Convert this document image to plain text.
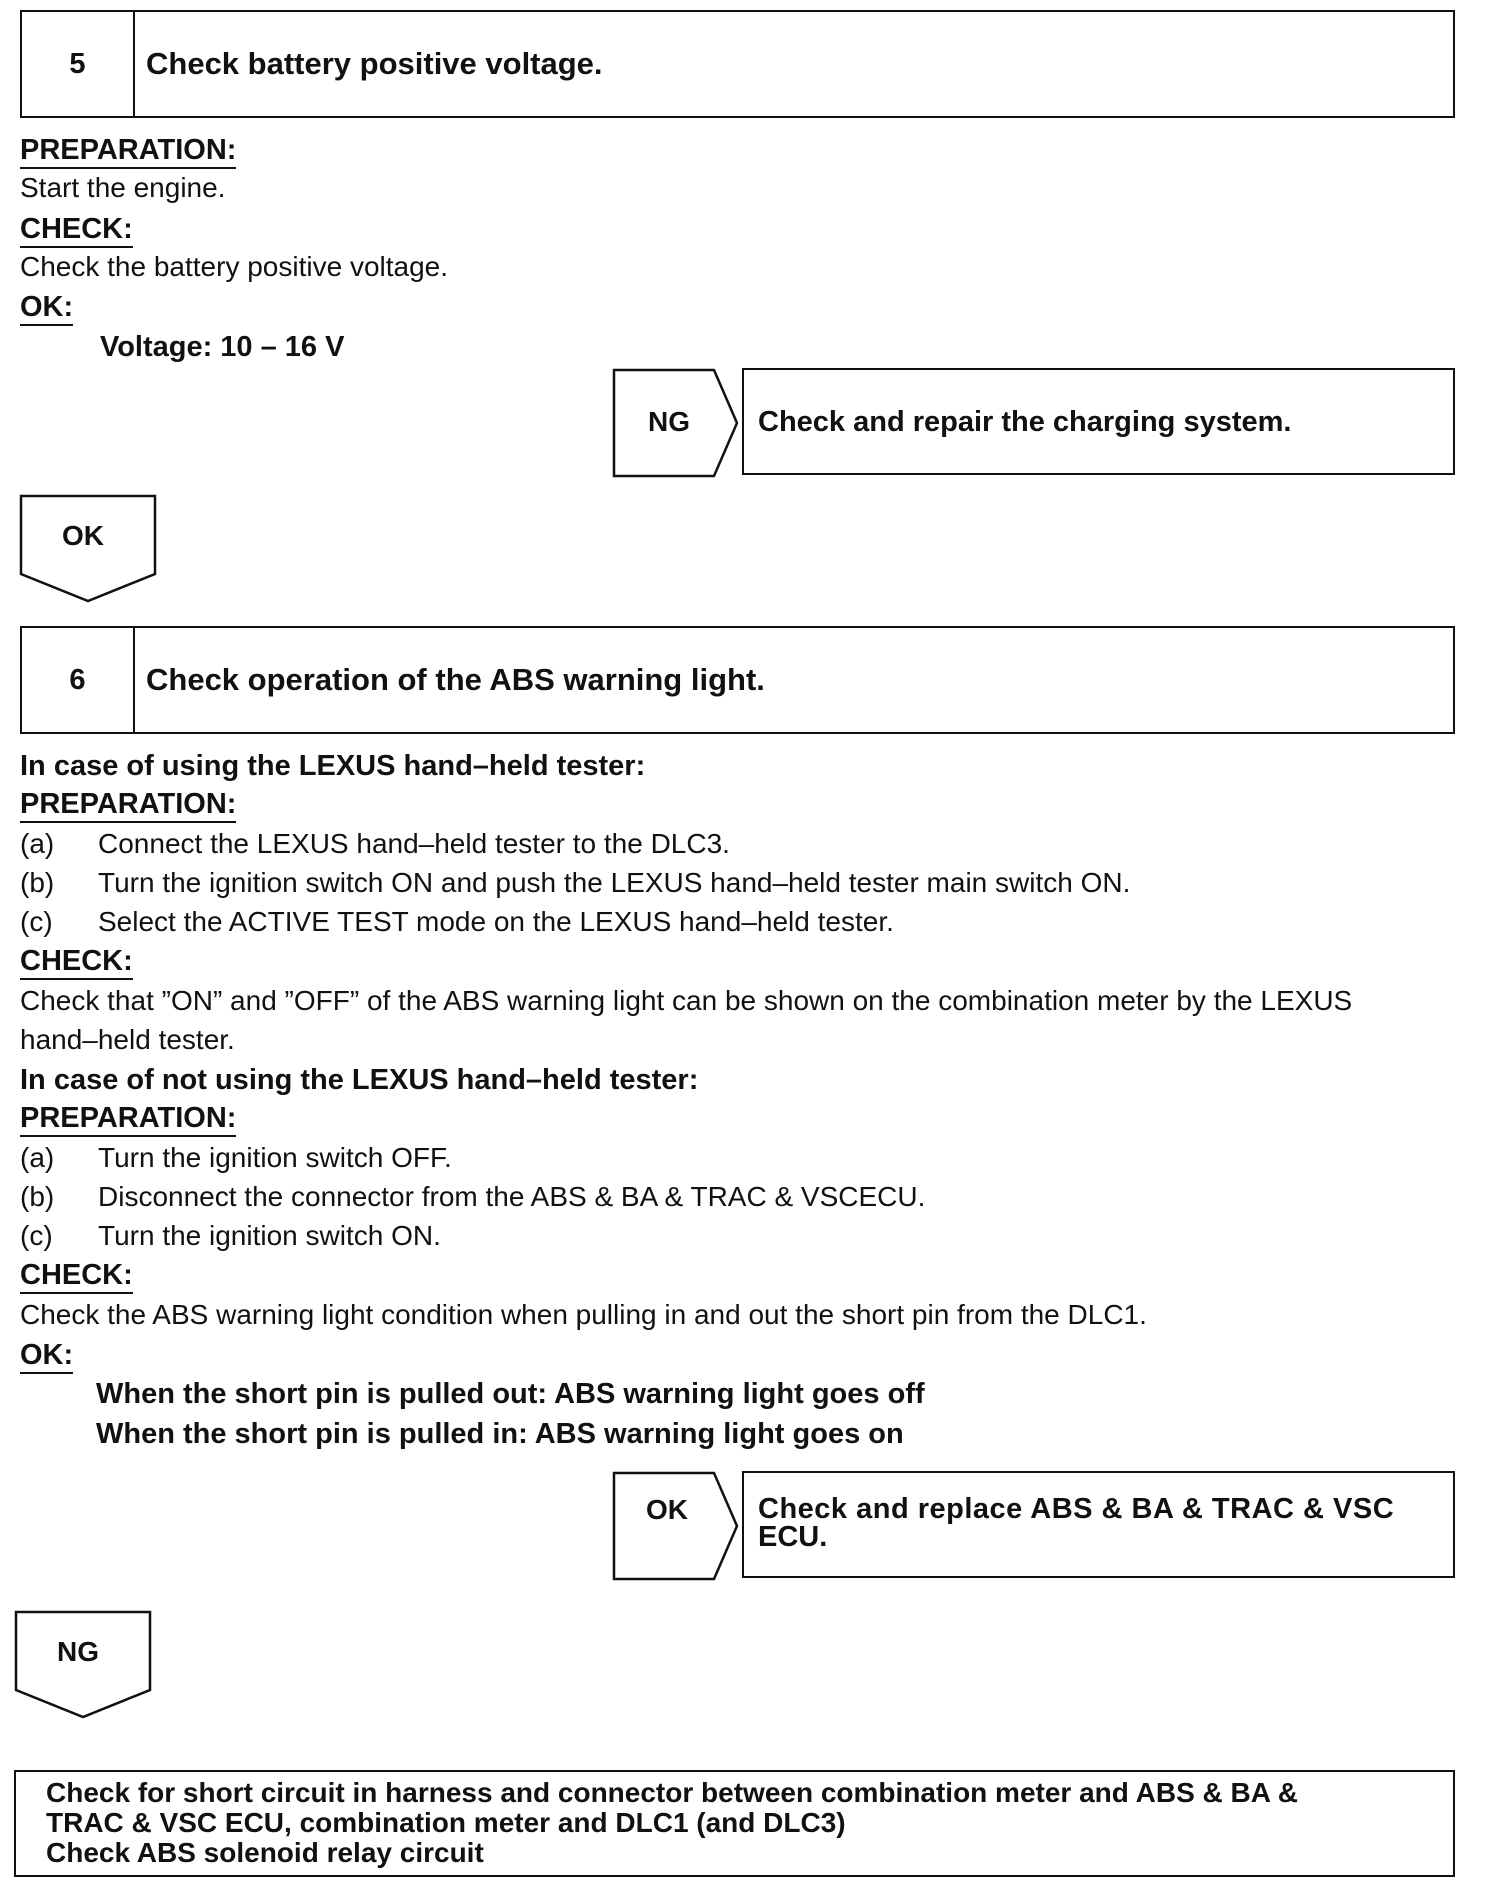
5	Check battery positive voltage.
PREPARATION:
Start the engine.
CHECK:
Check the battery positive voltage.
OK:
Voltage: 10 – 16 V
NG Check and repair the charging system.
OK
6	Check operation of the ABS warning light.
In case of using the LEXUS hand–held tester:
PREPARATION:
(a) Connect the LEXUS hand–held tester to the DLC3.
(b) Turn the ignition switch ON and push the LEXUS hand–held tester main switch ON.
(c) Select the ACTIVE TEST mode on the LEXUS hand–held tester.
CHECK:
Check that ”ON” and ”OFF” of the ABS warning light can be shown on the combination meter by the LEXUS
hand–held tester.
In case of not using the LEXUS hand–held tester:
PREPARATION:
(a) Turn the ignition switch OFF.
(b) Disconnect the connector from the ABS & BA & TRAC & VSCECU.
(c) Turn the ignition switch ON.
CHECK:
Check the ABS warning light condition when pulling in and out the short pin from the DLC1.
OK:
When the short pin is pulled out: ABS warning light goes off
When the short pin is pulled in: ABS warning light goes on
OK Check and replace ABS & BA & TRAC & VSC
ECU.
NG
Check for short circuit in harness and connector between combination meter and ABS & BA &
TRAC & VSC ECU, combination meter and DLC1 (and DLC3)
Check ABS solenoid relay circuit
